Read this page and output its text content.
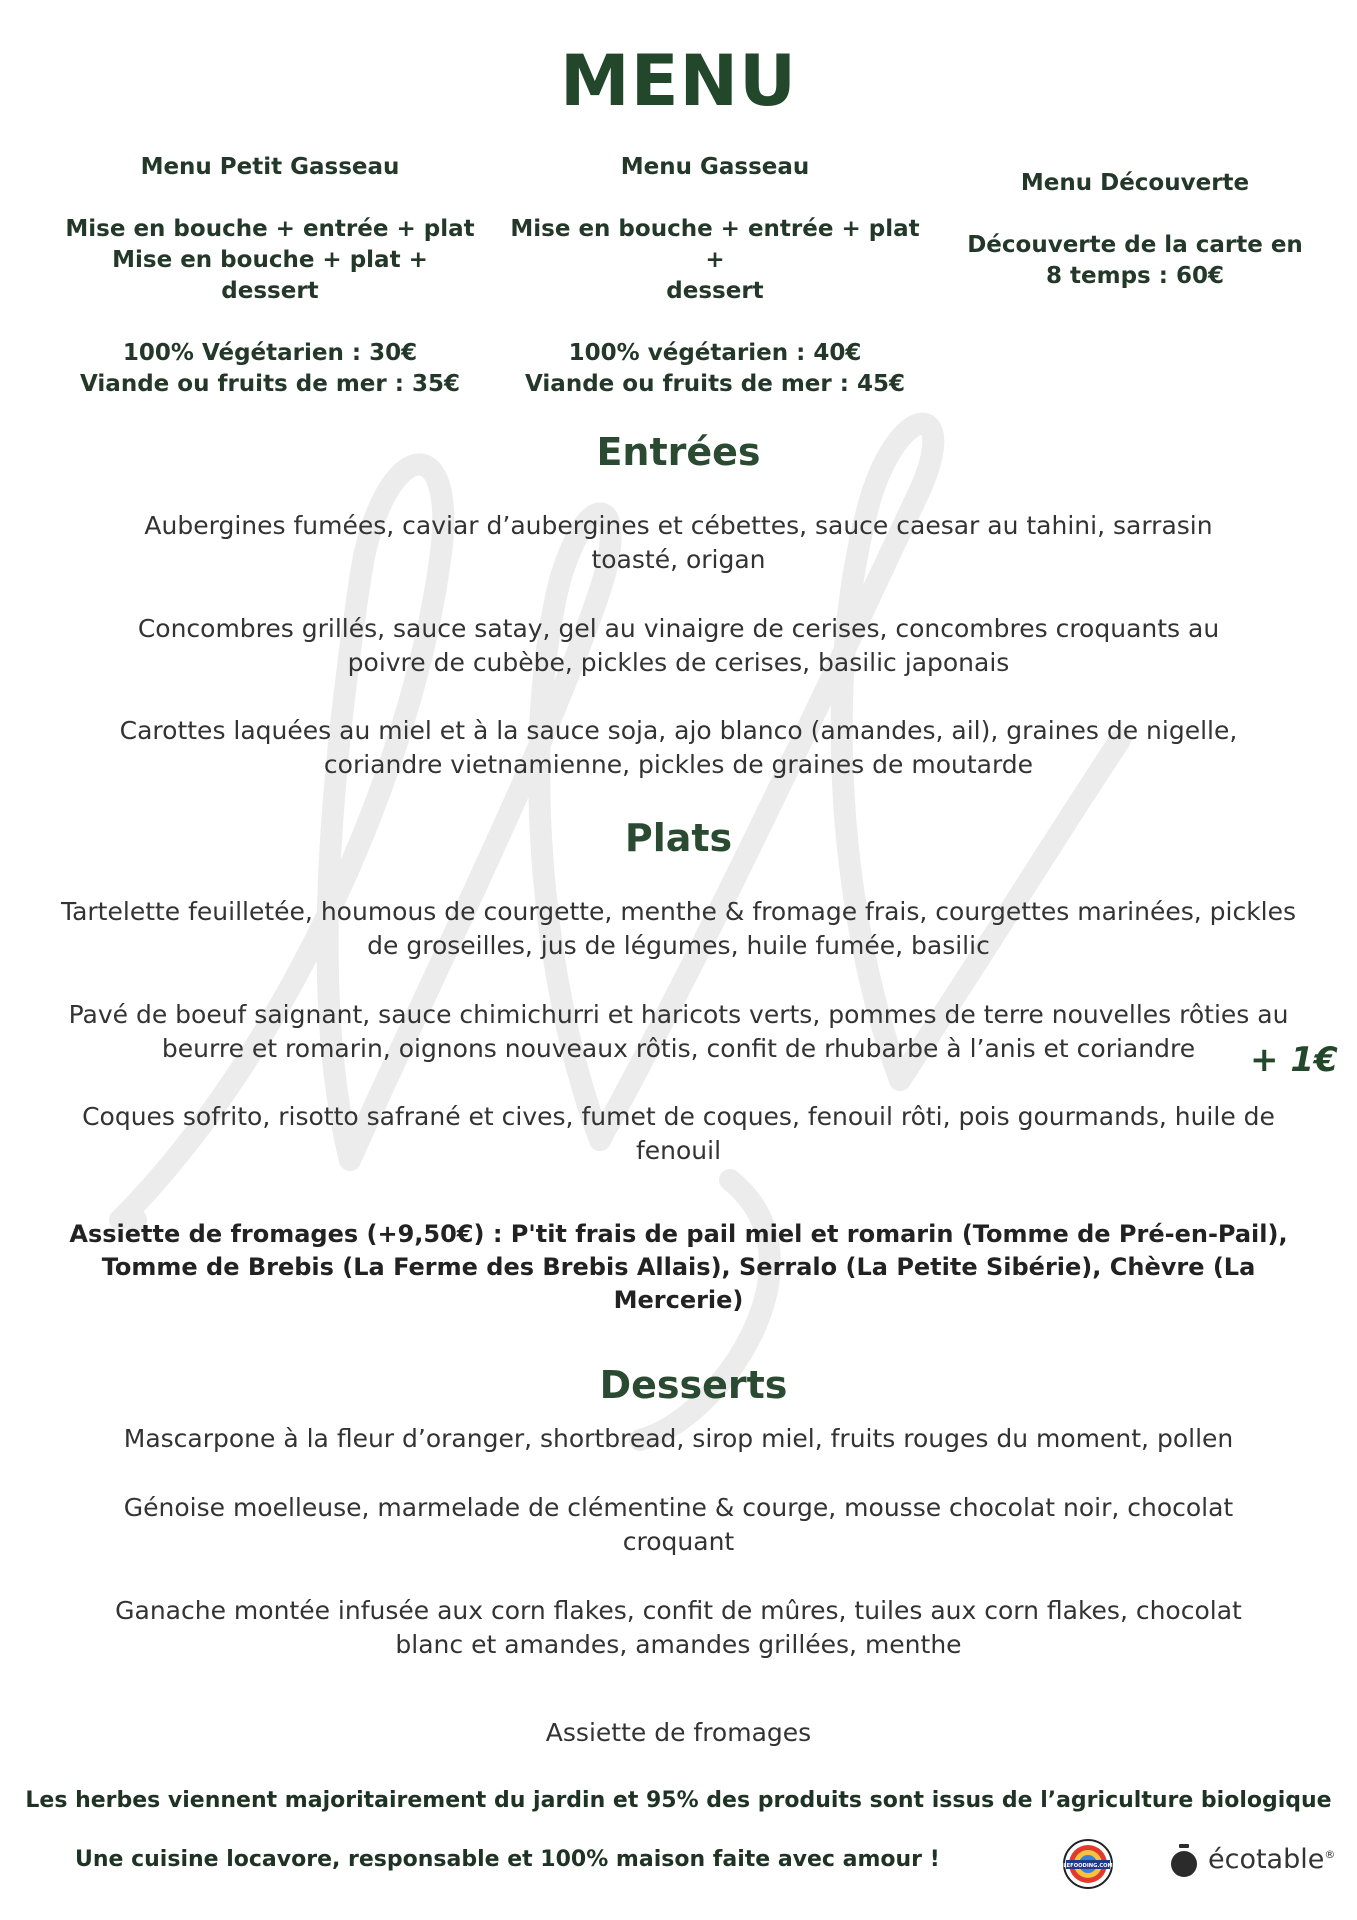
MENU
Menu Petit Gasseau
Mise en bouche + entrée + plat
Mise en bouche + plat + dessert
100% Végétarien : 30€
Viande ou fruits de mer : 35€
Menu Gasseau
Mise en bouche + entrée + plat +
dessert
100% végétarien : 40€
Viande ou fruits de mer : 45€
Menu Découverte
Découverte de la carte en
8 temps : 60€
Entrées
Aubergines fumées, caviar d’aubergines et cébettes, sauce caesar au tahini, sarrasin
toasté, origan
Concombres grillés, sauce satay, gel au vinaigre de cerises, concombres croquants au
poivre de cubèbe, pickles de cerises, basilic japonais
Carottes laquées au miel et à la sauce soja, ajo blanco (amandes, ail), graines de nigelle,
coriandre vietnamienne, pickles de graines de moutarde
Plats
Tartelette feuilletée, houmous de courgette, menthe & fromage frais, courgettes marinées, pickles
de groseilles, jus de légumes, huile fumée, basilic
Pavé de boeuf saignant, sauce chimichurri et haricots verts, pommes de terre nouvelles rôties au
beurre et romarin, oignons nouveaux rôtis, confit de rhubarbe à l’anis et coriandre	+ 1€
Coques sofrito, risotto safrané et cives, fumet de coques, fenouil rôti, pois gourmands, huile de
fenouil
Assiette de fromages (+9,50€) : P'tit frais de pail miel et romarin (Tomme de Pré-en-Pail),
Tomme de Brebis (La Ferme des Brebis Allais), Serralo (La Petite Sibérie), Chèvre (La
Mercerie)
Desserts
Mascarpone à la fleur d’oranger, shortbread, sirop miel, fruits rouges du moment, pollen
Génoise moelleuse, marmelade de clémentine & courge, mousse chocolat noir, chocolat
croquant
Ganache montée infusée aux corn flakes, confit de mûres, tuiles aux corn flakes, chocolat
blanc et amandes, amandes grillées, menthe
Assiette de fromages
Les herbes viennent majoritairement du jardin et 95% des produits sont issus de l’agriculture biologique
Une cuisine locavore, responsable et 100% maison faite avec amour !	LEFOODING.COM	écotable®
